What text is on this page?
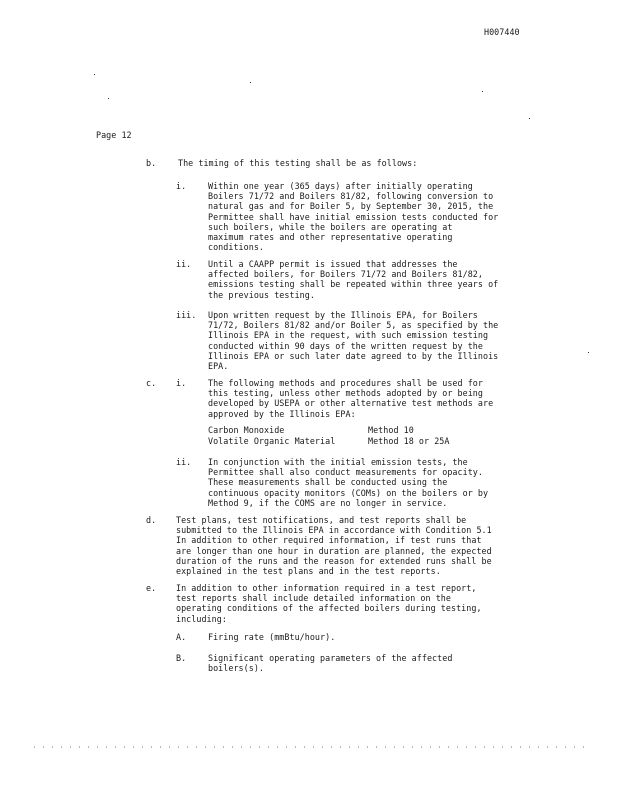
H007440
Page 12
b.	The timing of this testing shall be as follows:
i.	Within one year (365 days) after initially operating
Boilers 71/72 and Boilers 81/82, following conversion to
natural gas and for Boiler 5, by September 30, 2015, the
Permittee shall have initial emission tests conducted for
such boilers, while the boilers are operating at
maximum rates and other representative operating
conditions.
ii. Until a CAAPP permit is issued that addresses the
affected boilers, for Boilers 71/72 and Boilers 81/82,
emissions testing shall be repeated within three years of
the previous testing.
iii. Upon written request by the Illinois EPA, for Boilers
71/72, Boilers 81/82 and/or Boiler 5, as specified by the
Illinois EPA in the request, with such emission testing
conducted within 90 days of the written request by the
Illinois EPA or such later date agreed to by the Illinois
EPA.
c. i.	The following methods and procedures shall be used for
this testing, unless other methods adopted by or being
developed by USEPA or other alternative test methods are
approved by the Illinois EPA:
Carbon Monoxide	Method 10
Volatile Organic Material	Method 18 or 25A
ii. In conjunction with the initial emission tests, the
Permittee shall also conduct measurements for opacity.
These measurements shall be conducted using the
continuous opacity monitors (COMs) on the boilers or by
Method 9, if the COMS are no longer in service.
d. Test plans, test notifications, and test reports shall be
submitted to the Illinois EPA in accordance with Condition 5.1
In addition to other required information, if test runs that
are longer than one hour in duration are planned, the expected
duration of the runs and the reason for extended runs shall be
explained in the test plans and in the test reports.
e. In addition to other information required in a test report,
test reports shall include detailed information on the
operating conditions of the affected boilers during testing,
including:
A.	Firing rate (mmBtu/hour).
B.	Significant operating parameters of the affected
boilers(s).
